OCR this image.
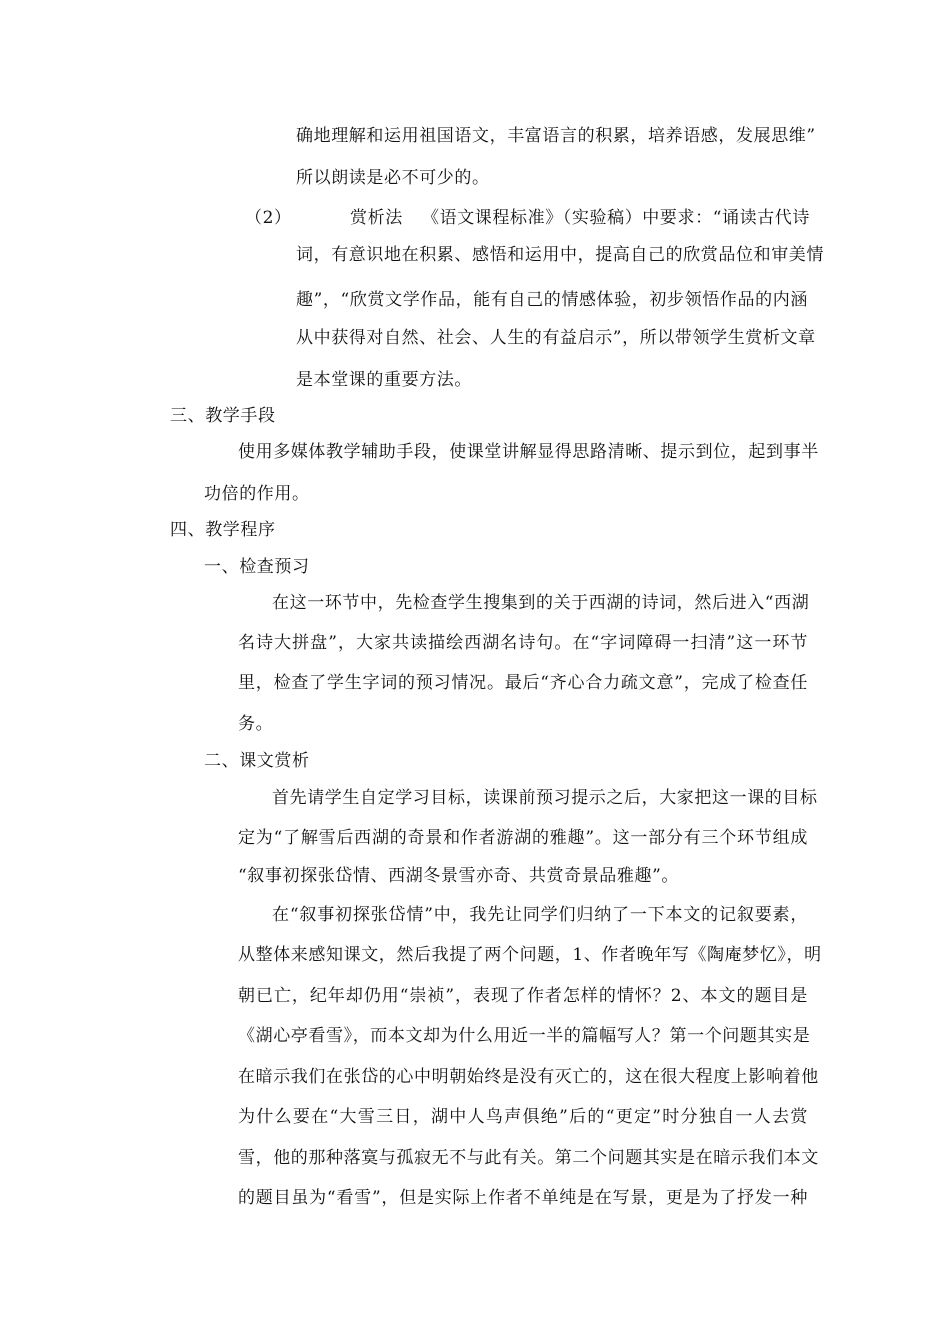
确地理解和运用祖国语文，丰富语言的积累，培养语感，发展思维”
所以朗读是必不可少的。
（2）	赏析法 《语文课程标准》（实验稿）中要求：“诵读古代诗
词，有意识地在积累、感悟和运用中，提高自己的欣赏品位和审美情
趣”，“欣赏文学作品，能有自己的情感体验，初步领悟作品的内涵
从中获得对自然、社会、人生的有益启示”，所以带领学生赏析文章
是本堂课的重要方法。
三、教学手段
使用多媒体教学辅助手段，使课堂讲解显得思路清晰、提示到位，起到事半
功倍的作用。
四、教学程序
一、检查预习
在这一环节中，先检查学生搜集到的关于西湖的诗词，然后进入“西湖
名诗大拼盘”，大家共读描绘西湖名诗句。在“字词障碍一扫清”这一环节
里，检查了学生字词的预习情况。最后“齐心合力疏文意”，完成了检查任
务。
二、课文赏析
首先请学生自定学习目标，读课前预习提示之后，大家把这一课的目标
定为“了解雪后西湖的奇景和作者游湖的雅趣”。这一部分有三个环节组成
“叙事初探张岱情、西湖冬景雪亦奇、共赏奇景品雅趣”。
在“叙事初探张岱情”中，我先让同学们归纳了一下本文的记叙要素，
从整体来感知课文，然后我提了两个问题，1、作者晚年写《陶庵梦忆》，明
朝已亡，纪年却仍用“崇祯”，表现了作者怎样的情怀？2、本文的题目是
《湖心亭看雪》，而本文却为什么用近一半的篇幅写人？第一个问题其实是
在暗示我们在张岱的心中明朝始终是没有灭亡的，这在很大程度上影响着他
为什么要在“大雪三日，湖中人鸟声俱绝”后的“更定”时分独自一人去赏
雪，他的那种落寞与孤寂无不与此有关。第二个问题其实是在暗示我们本文
的题目虽为“看雪”，但是实际上作者不单纯是在写景，更是为了抒发一种
